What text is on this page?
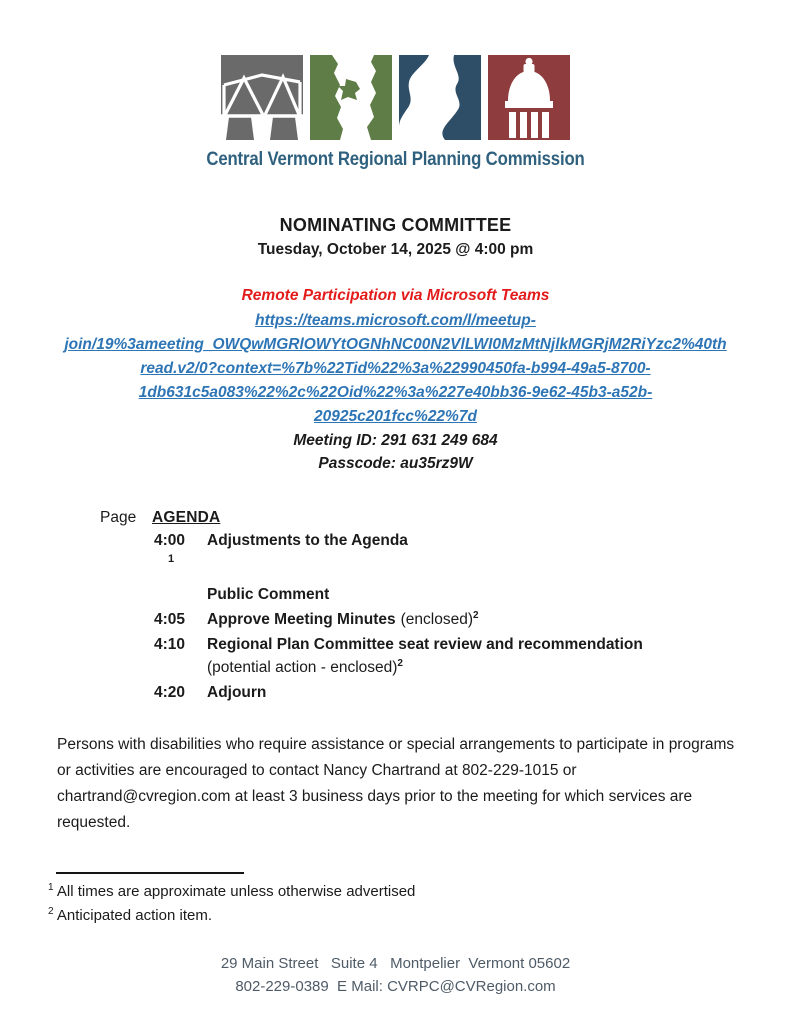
Central Vermont Regional Planning Commission
NOMINATING COMMITTEE
Tuesday, October 14, 2025 @ 4:00 pm
Remote Participation via Microsoft Teams
https://teams.microsoft.com/l/meetup-
join/19%3ameeting_OWQwMGRlOWYtOGNhNC00N2VlLWI0MzMtNjlkMGRjM2RiYzc2%40th
read.v2/0?context=%7b%22Tid%22%3a%22990450fa-b994-49a5-8700-
1db631c5a083%22%2c%22Oid%22%3a%227e40bb36-9e62-45b3-a52b-
20925c201fcc%22%7d
Meeting ID: 291 631 249 684
Passcode: au35rz9W
Page	AGENDA
4:00	Adjustments to the Agenda
1
Public Comment
4:05	Approve Meeting Minutes (enclosed)$^2$
4:10	Regional Plan Committee seat review and recommendation
(potential action - enclosed)$^2$
4:20	Adjourn

Persons with disabilities who require assistance or special arrangements to participate in programs or activities are encouraged to contact Nancy Chartrand at 802-229-1015 or chartrand@cvregion.com at least 3 business days prior to the meeting for which services are requested.

$^1$ All times are approximate unless otherwise advertised
$^2$ Anticipated action item.
29 Main Street   Suite 4   Montpelier  Vermont 05602
802-229-0389  E Mail: CVRPC@CVRegion.com
